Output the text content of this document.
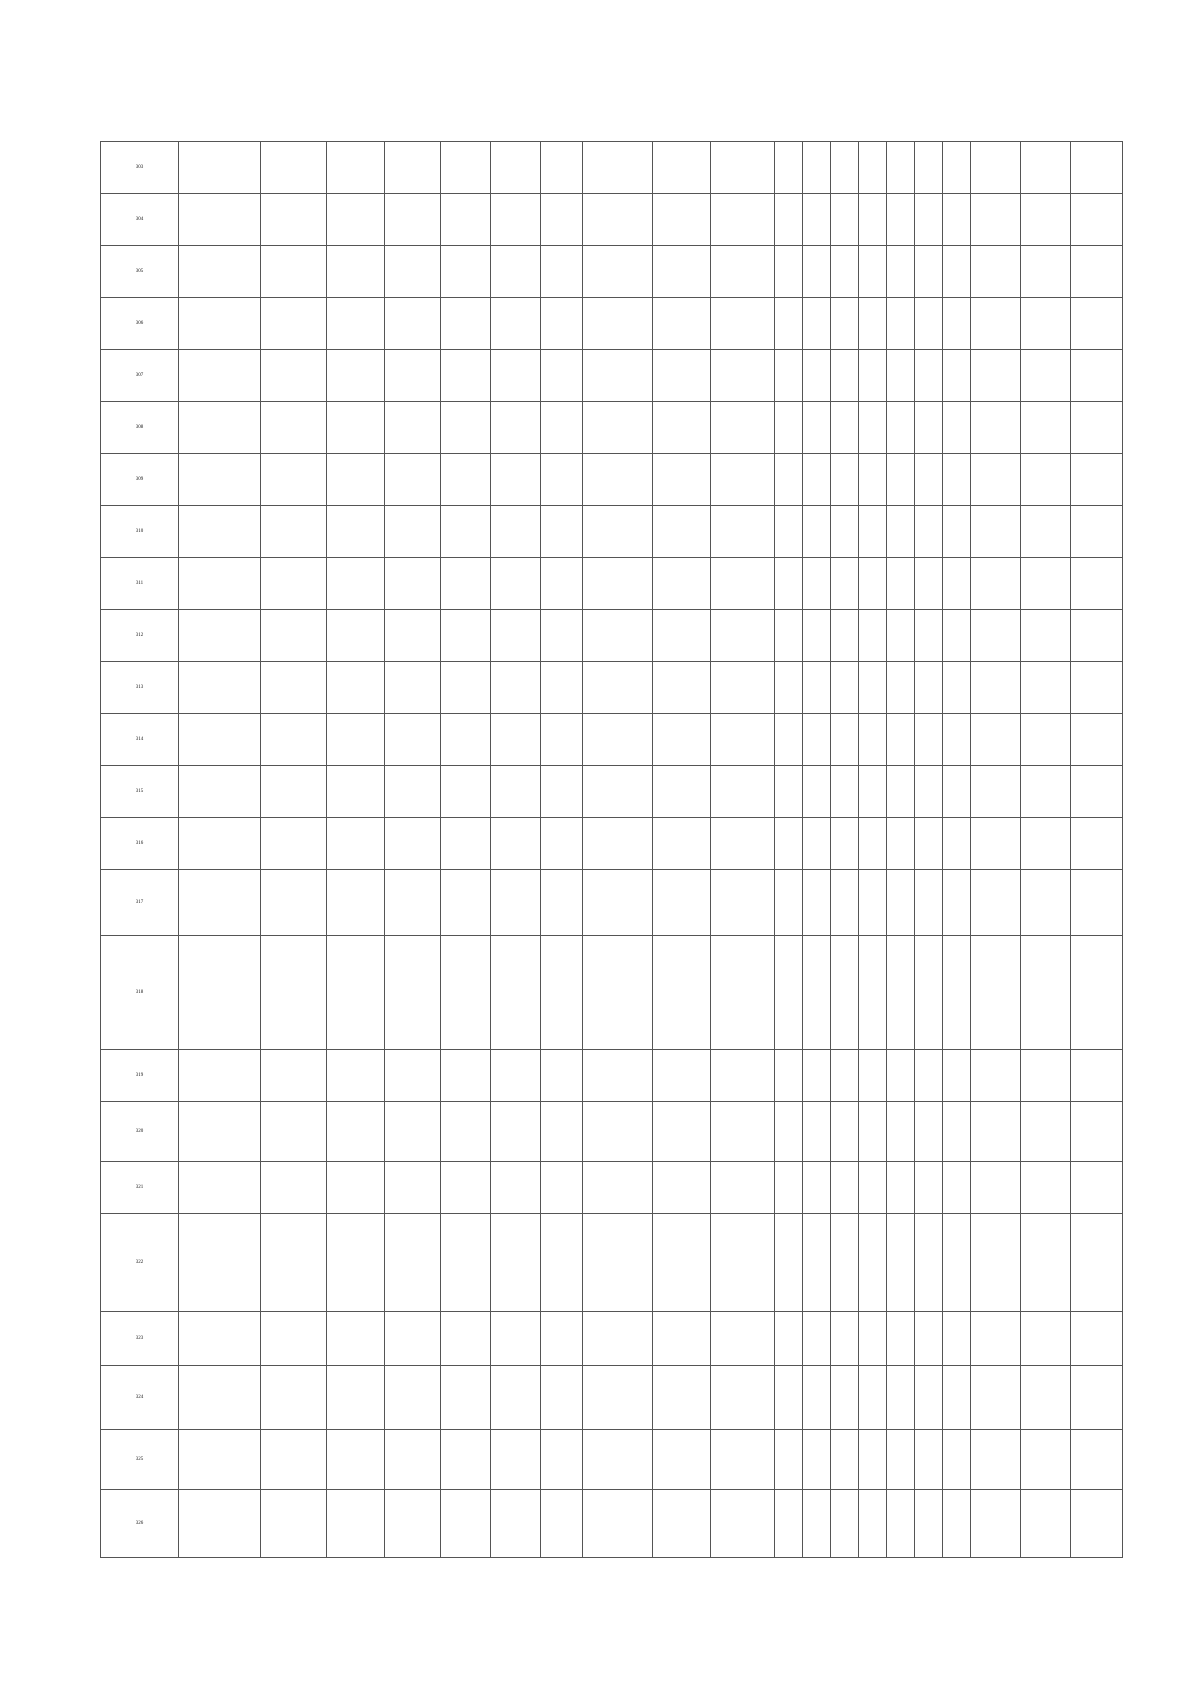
303																				
304																				
305																				
306																				
307																				
308																				
309																				
310																				
311																				
312																				
313																				
314																				
315																				
316																				
317																				
318																				
319																				
320																				
321																				
322																				
323																				
324																				
325																				
326																				
